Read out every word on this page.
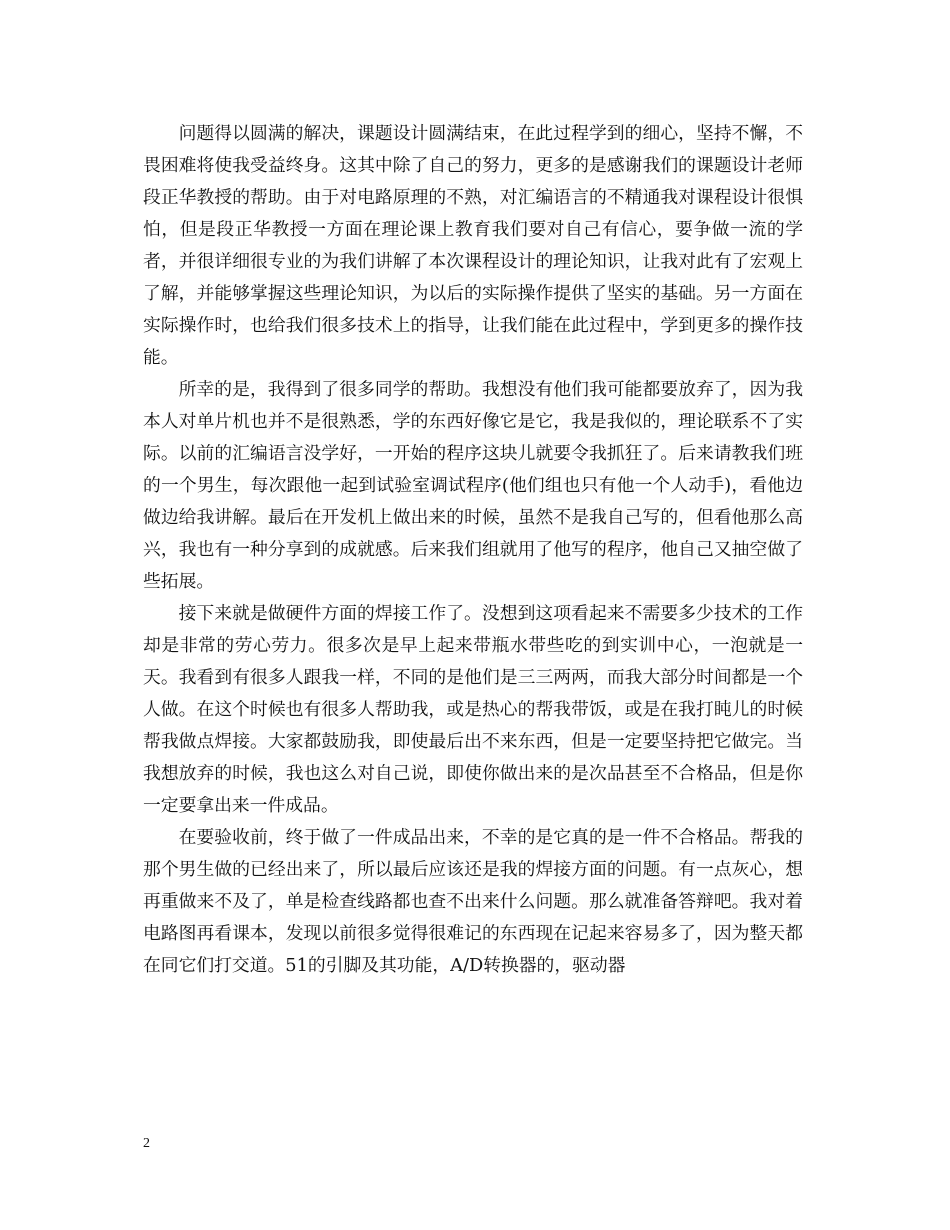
问题得以圆满的解决，课题设计圆满结束，在此过程学到的细心，坚持不懈，不畏困难将使我受益终身。这其中除了自己的努力，更多的是感谢我们的课题设计老师段正华教授的帮助。由于对电路原理的不熟，对汇编语言的不精通我对课程设计很惧怕，但是段正华教授一方面在理论课上教育我们要对自己有信心，要争做一流的学者，并很详细很专业的为我们讲解了本次课程设计的理论知识，让我对此有了宏观上了解，并能够掌握这些理论知识，为以后的实际操作提供了坚实的基础。另一方面在实际操作时，也给我们很多技术上的指导，让我们能在此过程中，学到更多的操作技能。

所幸的是，我得到了很多同学的帮助。我想没有他们我可能都要放弃了，因为我本人对单片机也并不是很熟悉，学的东西好像它是它，我是我似的，理论联系不了实际。以前的汇编语言没学好，一开始的程序这块儿就要令我抓狂了。后来请教我们班的一个男生，每次跟他一起到试验室调试程序(他们组也只有他一个人动手)，看他边做边给我讲解。最后在开发机上做出来的时候，虽然不是我自己写的，但看他那么高兴，我也有一种分享到的成就感。后来我们组就用了他写的程序，他自己又抽空做了些拓展。

接下来就是做硬件方面的焊接工作了。没想到这项看起来不需要多少技术的工作却是非常的劳心劳力。很多次是早上起来带瓶水带些吃的到实训中心，一泡就是一天。我看到有很多人跟我一样，不同的是他们是三三两两，而我大部分时间都是一个人做。在这个时候也有很多人帮助我，或是热心的帮我带饭，或是在我打盹儿的时候帮我做点焊接。大家都鼓励我，即使最后出不来东西，但是一定要坚持把它做完。当我想放弃的时候，我也这么对自己说，即使你做出来的是次品甚至不合格品，但是你一定要拿出来一件成品。

在要验收前，终于做了一件成品出来，不幸的是它真的是一件不合格品。帮我的那个男生做的已经出来了，所以最后应该还是我的焊接方面的问题。有一点灰心，想再重做来不及了，单是检查线路都也查不出来什么问题。那么就准备答辩吧。我对着电路图再看课本，发现以前很多觉得很难记的东西现在记起来容易多了，因为整天都在同它们打交道。51的引脚及其功能，A/D转换器的，驱动器

2
